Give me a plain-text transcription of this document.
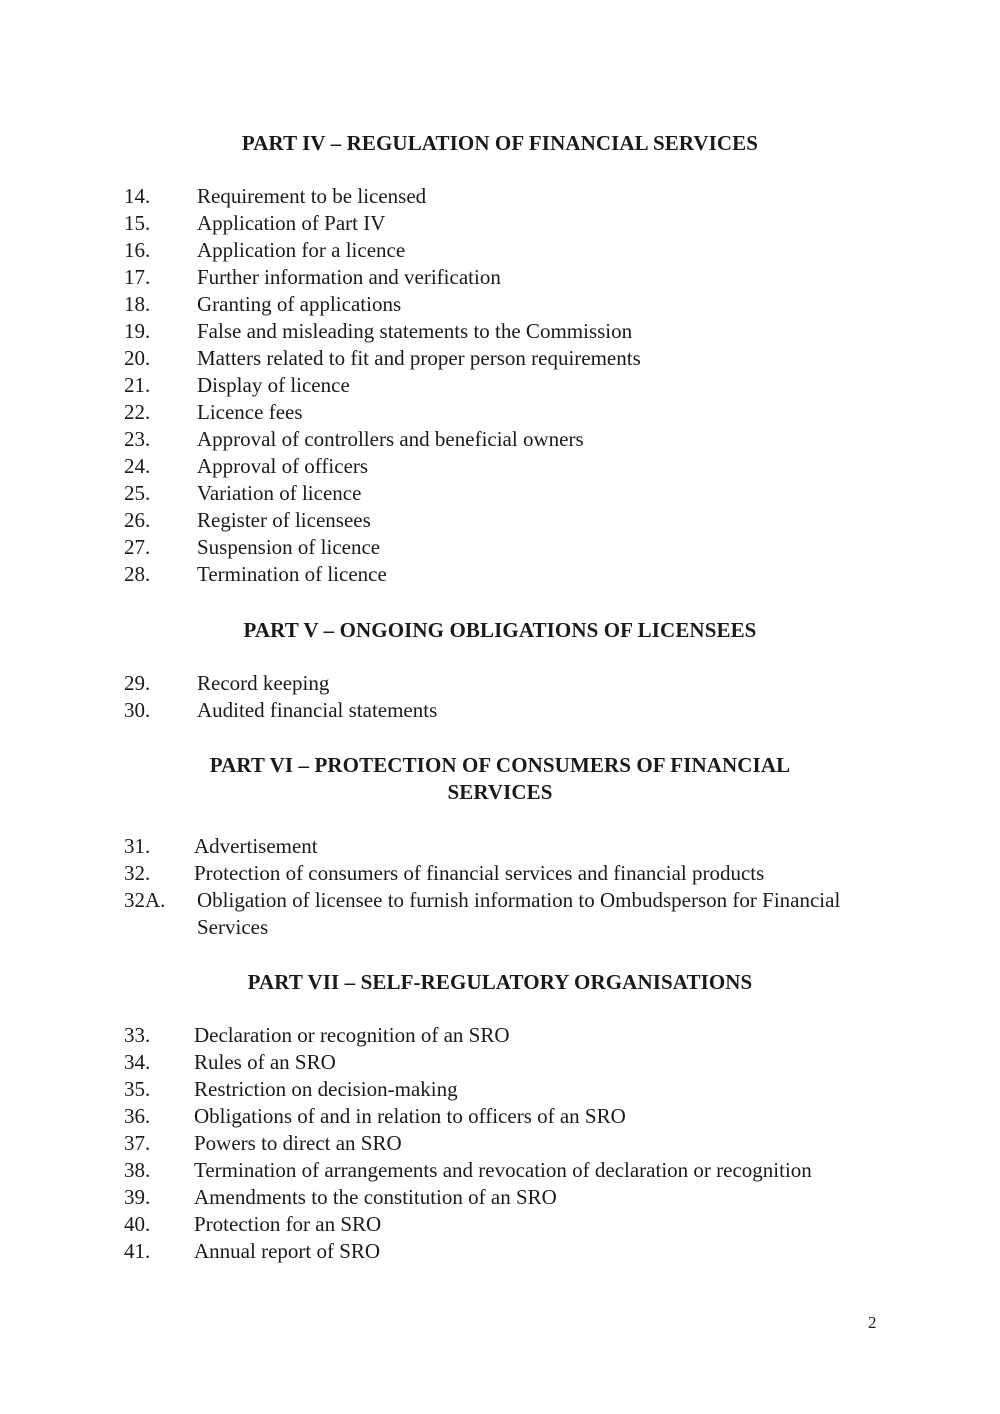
PART IV – REGULATION OF FINANCIAL SERVICES
14. Requirement to be licensed
15. Application of Part IV
16. Application for a licence
17. Further information and verification
18. Granting of applications
19. False and misleading statements to the Commission
20. Matters related to fit and proper person requirements
21. Display of licence
22. Licence fees
23. Approval of controllers and beneficial owners
24. Approval of officers
25. Variation of licence
26. Register of licensees
27. Suspension of licence
28. Termination of licence
PART V – ONGOING OBLIGATIONS OF LICENSEES
29. Record keeping
30. Audited financial statements
PART VI – PROTECTION OF CONSUMERS OF FINANCIAL
SERVICES
31. Advertisement
32. Protection of consumers of financial services and financial products
32A. Obligation of licensee to furnish information to Ombudsperson for Financial Services
PART VII – SELF-REGULATORY ORGANISATIONS
33. Declaration or recognition of an SRO
34. Rules of an SRO
35. Restriction on decision-making
36. Obligations of and in relation to officers of an SRO
37. Powers to direct an SRO
38. Termination of arrangements and revocation of declaration or recognition
39. Amendments to the constitution of an SRO
40. Protection for an SRO
41. Annual report of SRO
2
